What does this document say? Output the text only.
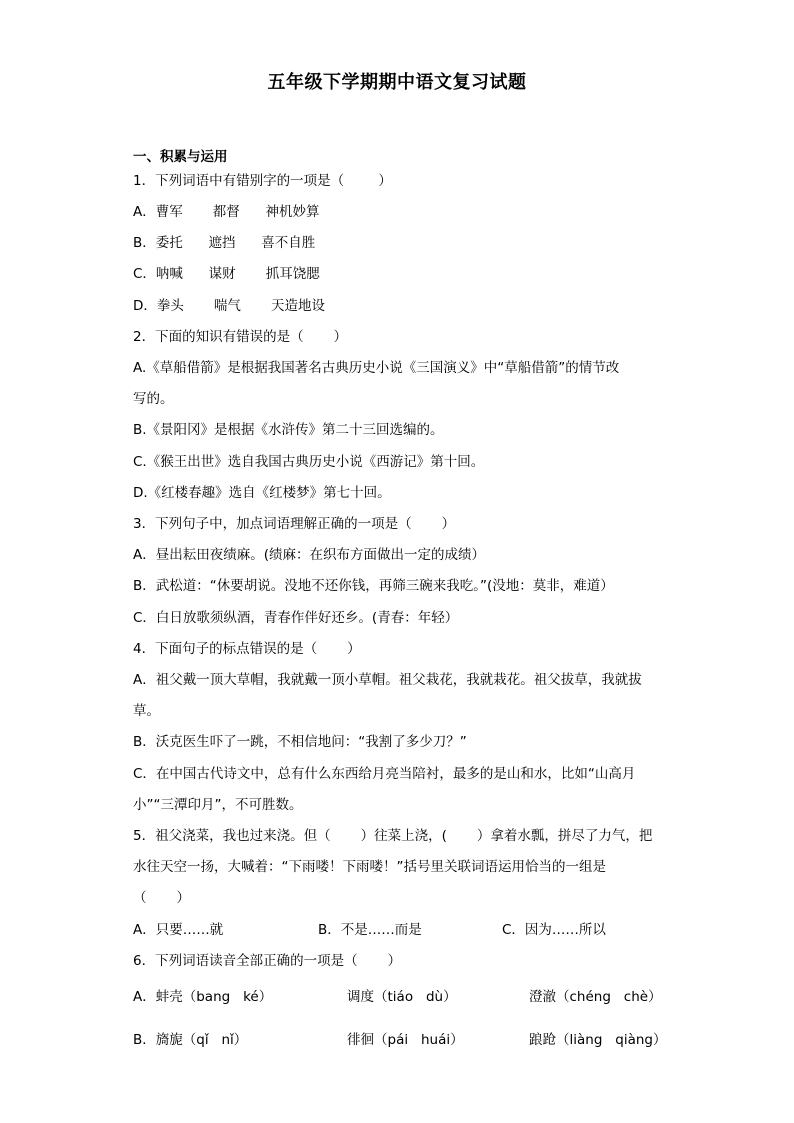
五年级下学期期中语文复习试题
一、积累与运用
1．下列词语中有错别字的一项是（        ）
A．曹军       都督      神机妙算
B．委托      遮挡      喜不自胜
C．呐喊      谋财       抓耳饶腮
D．拳头       喘气       天造地设
2．下面的知识有错误的是（       ）
A.《草船借箭》是根据我国著名古典历史小说《三国演义》中“草船借箭”的情节改
写的。
B.《景阳冈》是根据《水浒传》第二十三回选编的。
C.《猴王出世》选自我国古典历史小说《西游记》第十回。
D.《红楼春趣》选自《红楼梦》第七十回。
3．下列句子中，加点词语理解正确的一项是（       ）
A．昼出耘田夜绩麻。(绩麻：在织布方面做出一定的成绩）
B．武松道：“休要胡说。没地不还你钱，再筛三碗来我吃。”(没地：莫非，难道）
C．白日放歌须纵酒，青春作伴好还乡。(青春：年轻）
4．下面句子的标点错误的是（       ）
A．祖父戴一顶大草帽，我就戴一顶小草帽。祖父栽花，我就栽花。祖父拔草，我就拔
草。
B．沃克医生吓了一跳，不相信地问：“我割了多少刀？”
C．在中国古代诗文中，总有什么东西给月亮当陪衬，最多的是山和水，比如“山高月
小”“三潭印月”，不可胜数。
5．祖父浇菜，我也过来浇。但（       ）往菜上浇，(       ）拿着水瓢，拼尽了力气，把
水往天空一扬，大喊着：“下雨喽！下雨喽！”括号里关联词语运用恰当的一组是
（       ）
A．只要……就	B．不是……而是	C．因为……所以
6．下列词语读音全部正确的一项是（       ）
A．蚌壳（bang   ké）	调度（tiáo   dù）	澄澈（chéng   chè）
B．旖旎（qǐ   nǐ）	徘徊（pái   huái）	踉跄（liàng   qiàng）
